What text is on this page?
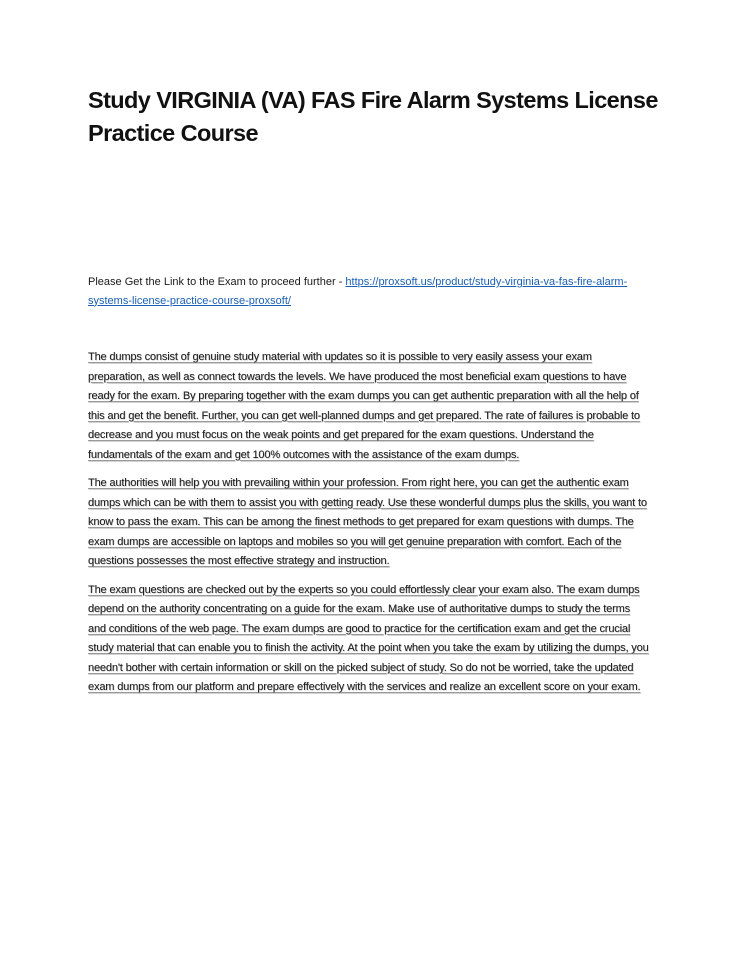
Study VIRGINIA (VA) FAS Fire Alarm Systems License Practice Course

Please Get the Link to the Exam to proceed further - https://proxsoft.us/product/study-virginia-va-fas-fire-alarm-systems-license-practice-course-proxsoft/

The dumps consist of genuine study material with updates so it is possible to very easily assess your exam preparation, as well as connect towards the levels. We have produced the most beneficial exam questions to have ready for the exam. By preparing together with the exam dumps you can get authentic preparation with all the help of this and get the benefit. Further, you can get well-planned dumps and get prepared. The rate of failures is probable to decrease and you must focus on the weak points and get prepared for the exam questions. Understand the fundamentals of the exam and get 100% outcomes with the assistance of the exam dumps.

The authorities will help you with prevailing within your profession. From right here, you can get the authentic exam dumps which can be with them to assist you with getting ready. Use these wonderful dumps plus the skills, you want to know to pass the exam. This can be among the finest methods to get prepared for exam questions with dumps. The exam dumps are accessible on laptops and mobiles so you will get genuine preparation with comfort. Each of the questions possesses the most effective strategy and instruction.

The exam questions are checked out by the experts so you could effortlessly clear your exam also. The exam dumps depend on the authority concentrating on a guide for the exam. Make use of authoritative dumps to study the terms and conditions of the web page. The exam dumps are good to practice for the certification exam and get the crucial study material that can enable you to finish the activity. At the point when you take the exam by utilizing the dumps, you needn't bother with certain information or skill on the picked subject of study. So do not be worried, take the updated exam dumps from our platform and prepare effectively with the services and realize an excellent score on your exam.
